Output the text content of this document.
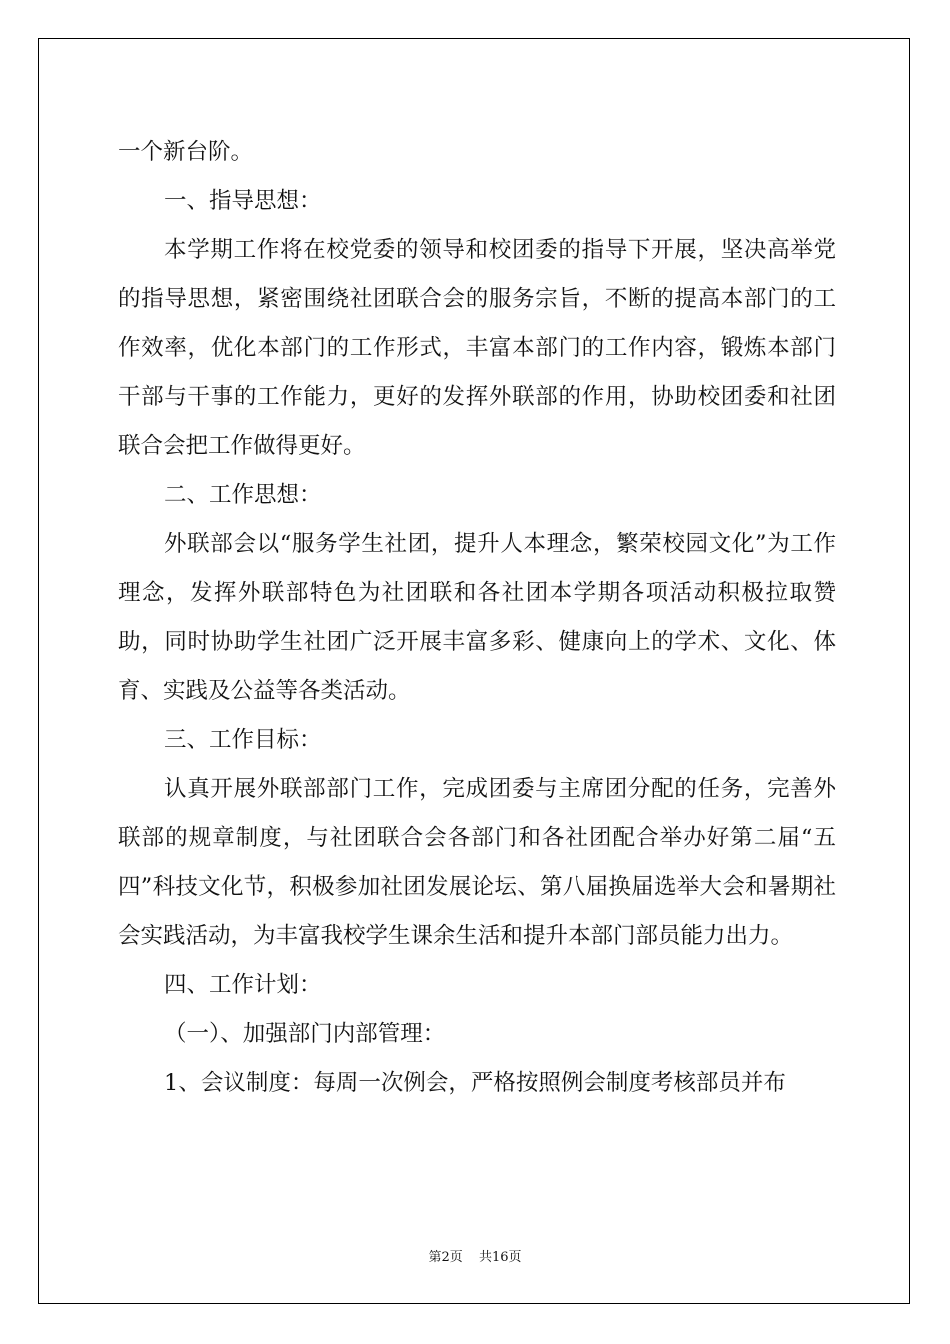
一个新台阶。

一、指导思想：

本学期工作将在校党委的领导和校团委的指导下开展，坚决高举党的指导思想，紧密围绕社团联合会的服务宗旨，不断的提高本部门的工作效率，优化本部门的工作形式，丰富本部门的工作内容，锻炼本部门干部与干事的工作能力，更好的发挥外联部的作用，协助校团委和社团联合会把工作做得更好。

二、工作思想：

外联部会以“服务学生社团，提升人本理念，繁荣校园文化”为工作理念，发挥外联部特色为社团联和各社团本学期各项活动积极拉取赞助，同时协助学生社团广泛开展丰富多彩、健康向上的学术、文化、体育、实践及公益等各类活动。

三、工作目标：

认真开展外联部部门工作，完成团委与主席团分配的任务，完善外联部的规章制度，与社团联合会各部门和各社团配合举办好第二届“五四”科技文化节，积极参加社团发展论坛、第八届换届选举大会和暑期社会实践活动，为丰富我校学生课余生活和提升本部门部员能力出力。

四、工作计划：

（一）、加强部门内部管理：

1、会议制度：每周一次例会，严格按照例会制度考核部员并布

第2页 共16页
